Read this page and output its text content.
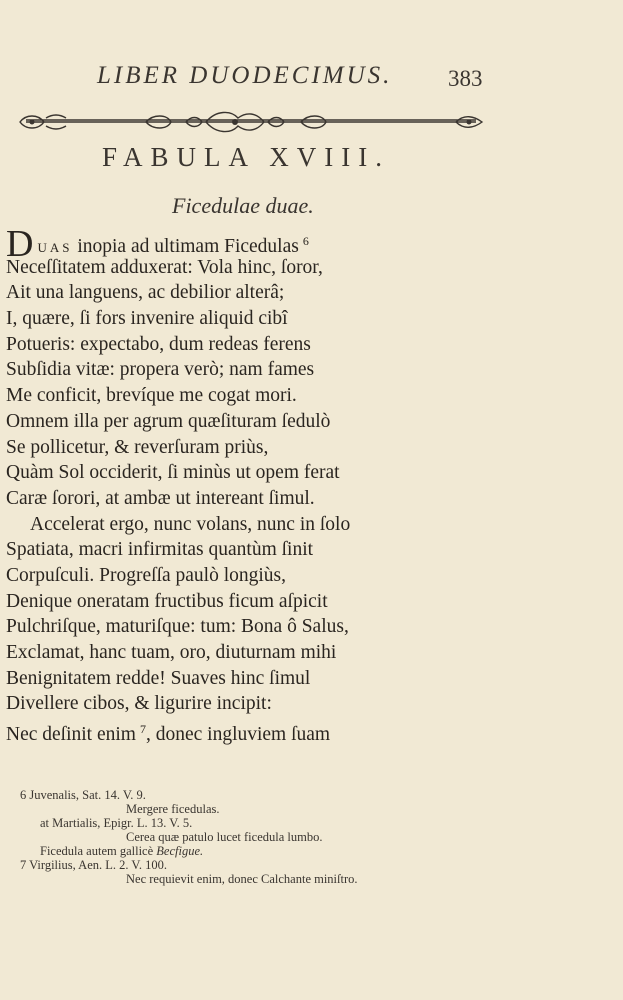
LIBER DUODECIMUS. 383
FABULA XVIII.
Ficedulae duae.
DUAS inopia ad ultimam Ficedulas $^6$
Neceſſitatem adduxerat: Vola hinc, ſoror,
Ait una languens, ac debilior alterâ;
I, quære, ſi fors invenire aliquid cibî
Potueris: expectabo, dum redeas ferens
Subſidia vitæ: propera verò; nam fames
Me conficit, brevíque me cogat mori.
Omnem illa per agrum quæſituram ſedulò
Se pollicetur, & reverſuram priùs,
Quàm Sol occiderit, ſi minùs ut opem ferat
Caræ ſorori, at ambæ ut intereant ſimul.
Accelerat ergo, nunc volans, nunc in ſolo
Spatiata, macri infirmitas quantùm ſinit
Corpuſculi. Progreſſa paulò longiùs,
Denique oneratam fructibus ficum aſpicit
Pulchriſque, maturiſque: tum: Bona ô Salus,
Exclamat, hanc tuam, oro, diuturnam mihi
Benignitatem redde! Suaves hinc ſimul
Divellere cibos, & ligurire incipit:
Nec deſinit enim $^7$, donec ingluviem ſuam
6 Juvenalis, Sat. 14. V. 9.
Mergere ficedulas.
at Martialis, Epigr. L. 13. V. 5.
Cerea quæ patulo lucet ficedula lumbo.
Ficedula autem gallicè Becfigue.
7 Virgilius, Aen. L. 2. V. 100.
Nec requievit enim, donec Calchante miniſtro.
